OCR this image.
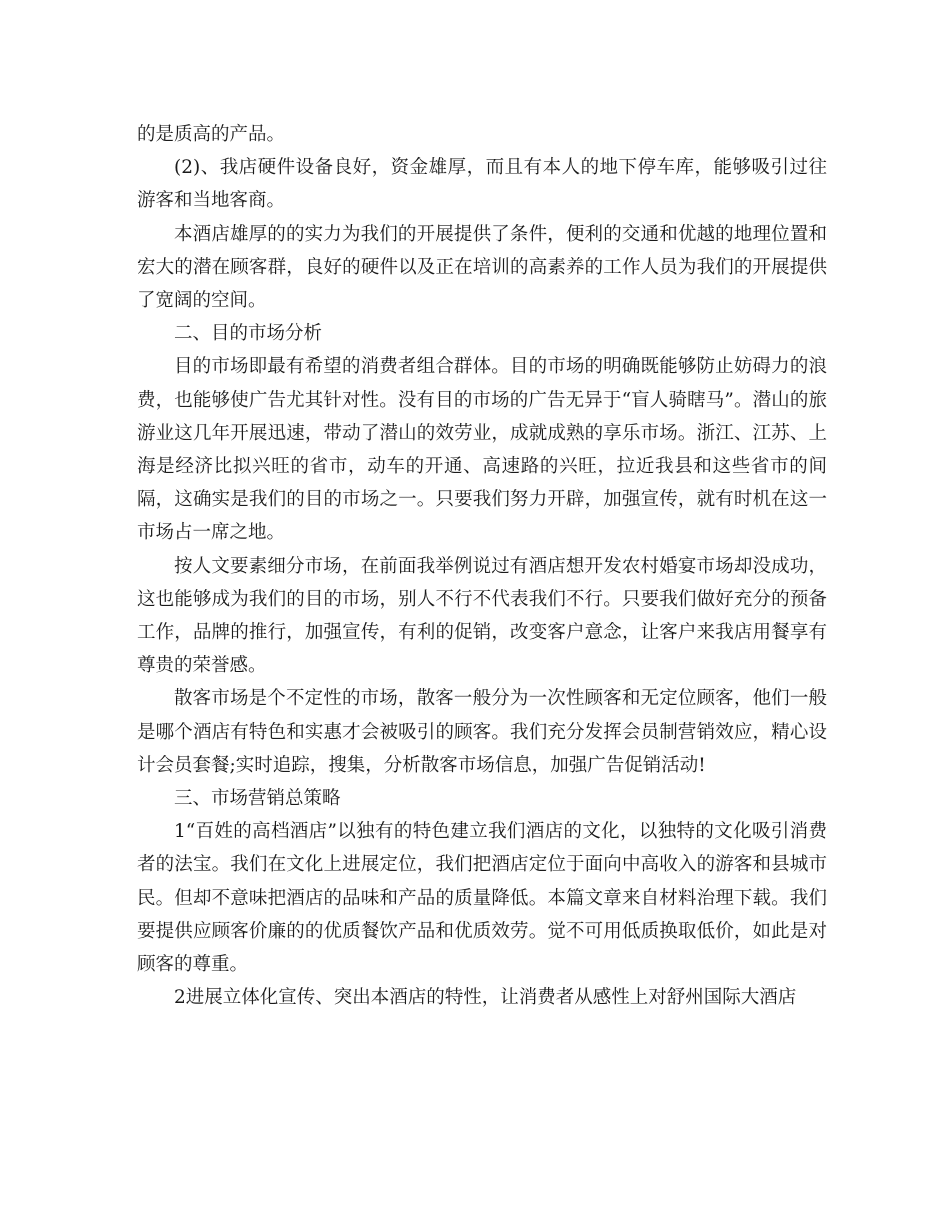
的是质高的产品。

(2)、我店硬件设备良好，资金雄厚，而且有本人的地下停车库，能够吸引过往游客和当地客商。

本酒店雄厚的的实力为我们的开展提供了条件，便利的交通和优越的地理位置和宏大的潜在顾客群，良好的硬件以及正在培训的高素养的工作人员为我们的开展提供了宽阔的空间。

二、目的市场分析

目的市场即最有希望的消费者组合群体。目的市场的明确既能够防止妨碍力的浪费，也能够使广告尤其针对性。没有目的市场的广告无异于“盲人骑瞎马”。潜山的旅游业这几年开展迅速，带动了潜山的效劳业，成就成熟的享乐市场。浙江、江苏、上海是经济比拟兴旺的省市，动车的开通、高速路的兴旺，拉近我县和这些省市的间隔，这确实是我们的目的市场之一。只要我们努力开辟，加强宣传，就有时机在这一市场占一席之地。

按人文要素细分市场，在前面我举例说过有酒店想开发农村婚宴市场却没成功，这也能够成为我们的目的市场，别人不行不代表我们不行。只要我们做好充分的预备工作，品牌的推行，加强宣传，有利的促销，改变客户意念，让客户来我店用餐享有尊贵的荣誉感。

散客市场是个不定性的市场，散客一般分为一次性顾客和无定位顾客，他们一般是哪个酒店有特色和实惠才会被吸引的顾客。我们充分发挥会员制营销效应，精心设计会员套餐;实时追踪，搜集，分析散客市场信息，加强广告促销活动!

三、市场营销总策略

1“百姓的高档酒店”以独有的特色建立我们酒店的文化，以独特的文化吸引消费者的法宝。我们在文化上进展定位，我们把酒店定位于面向中高收入的游客和县城市民。但却不意味把酒店的品味和产品的质量降低。本篇文章来自材料治理下载。我们要提供应顾客价廉的的优质餐饮产品和优质效劳。觉不可用低质换取低价，如此是对顾客的尊重。

2进展立体化宣传、突出本酒店的特性，让消费者从感性上对舒州国际大酒店
